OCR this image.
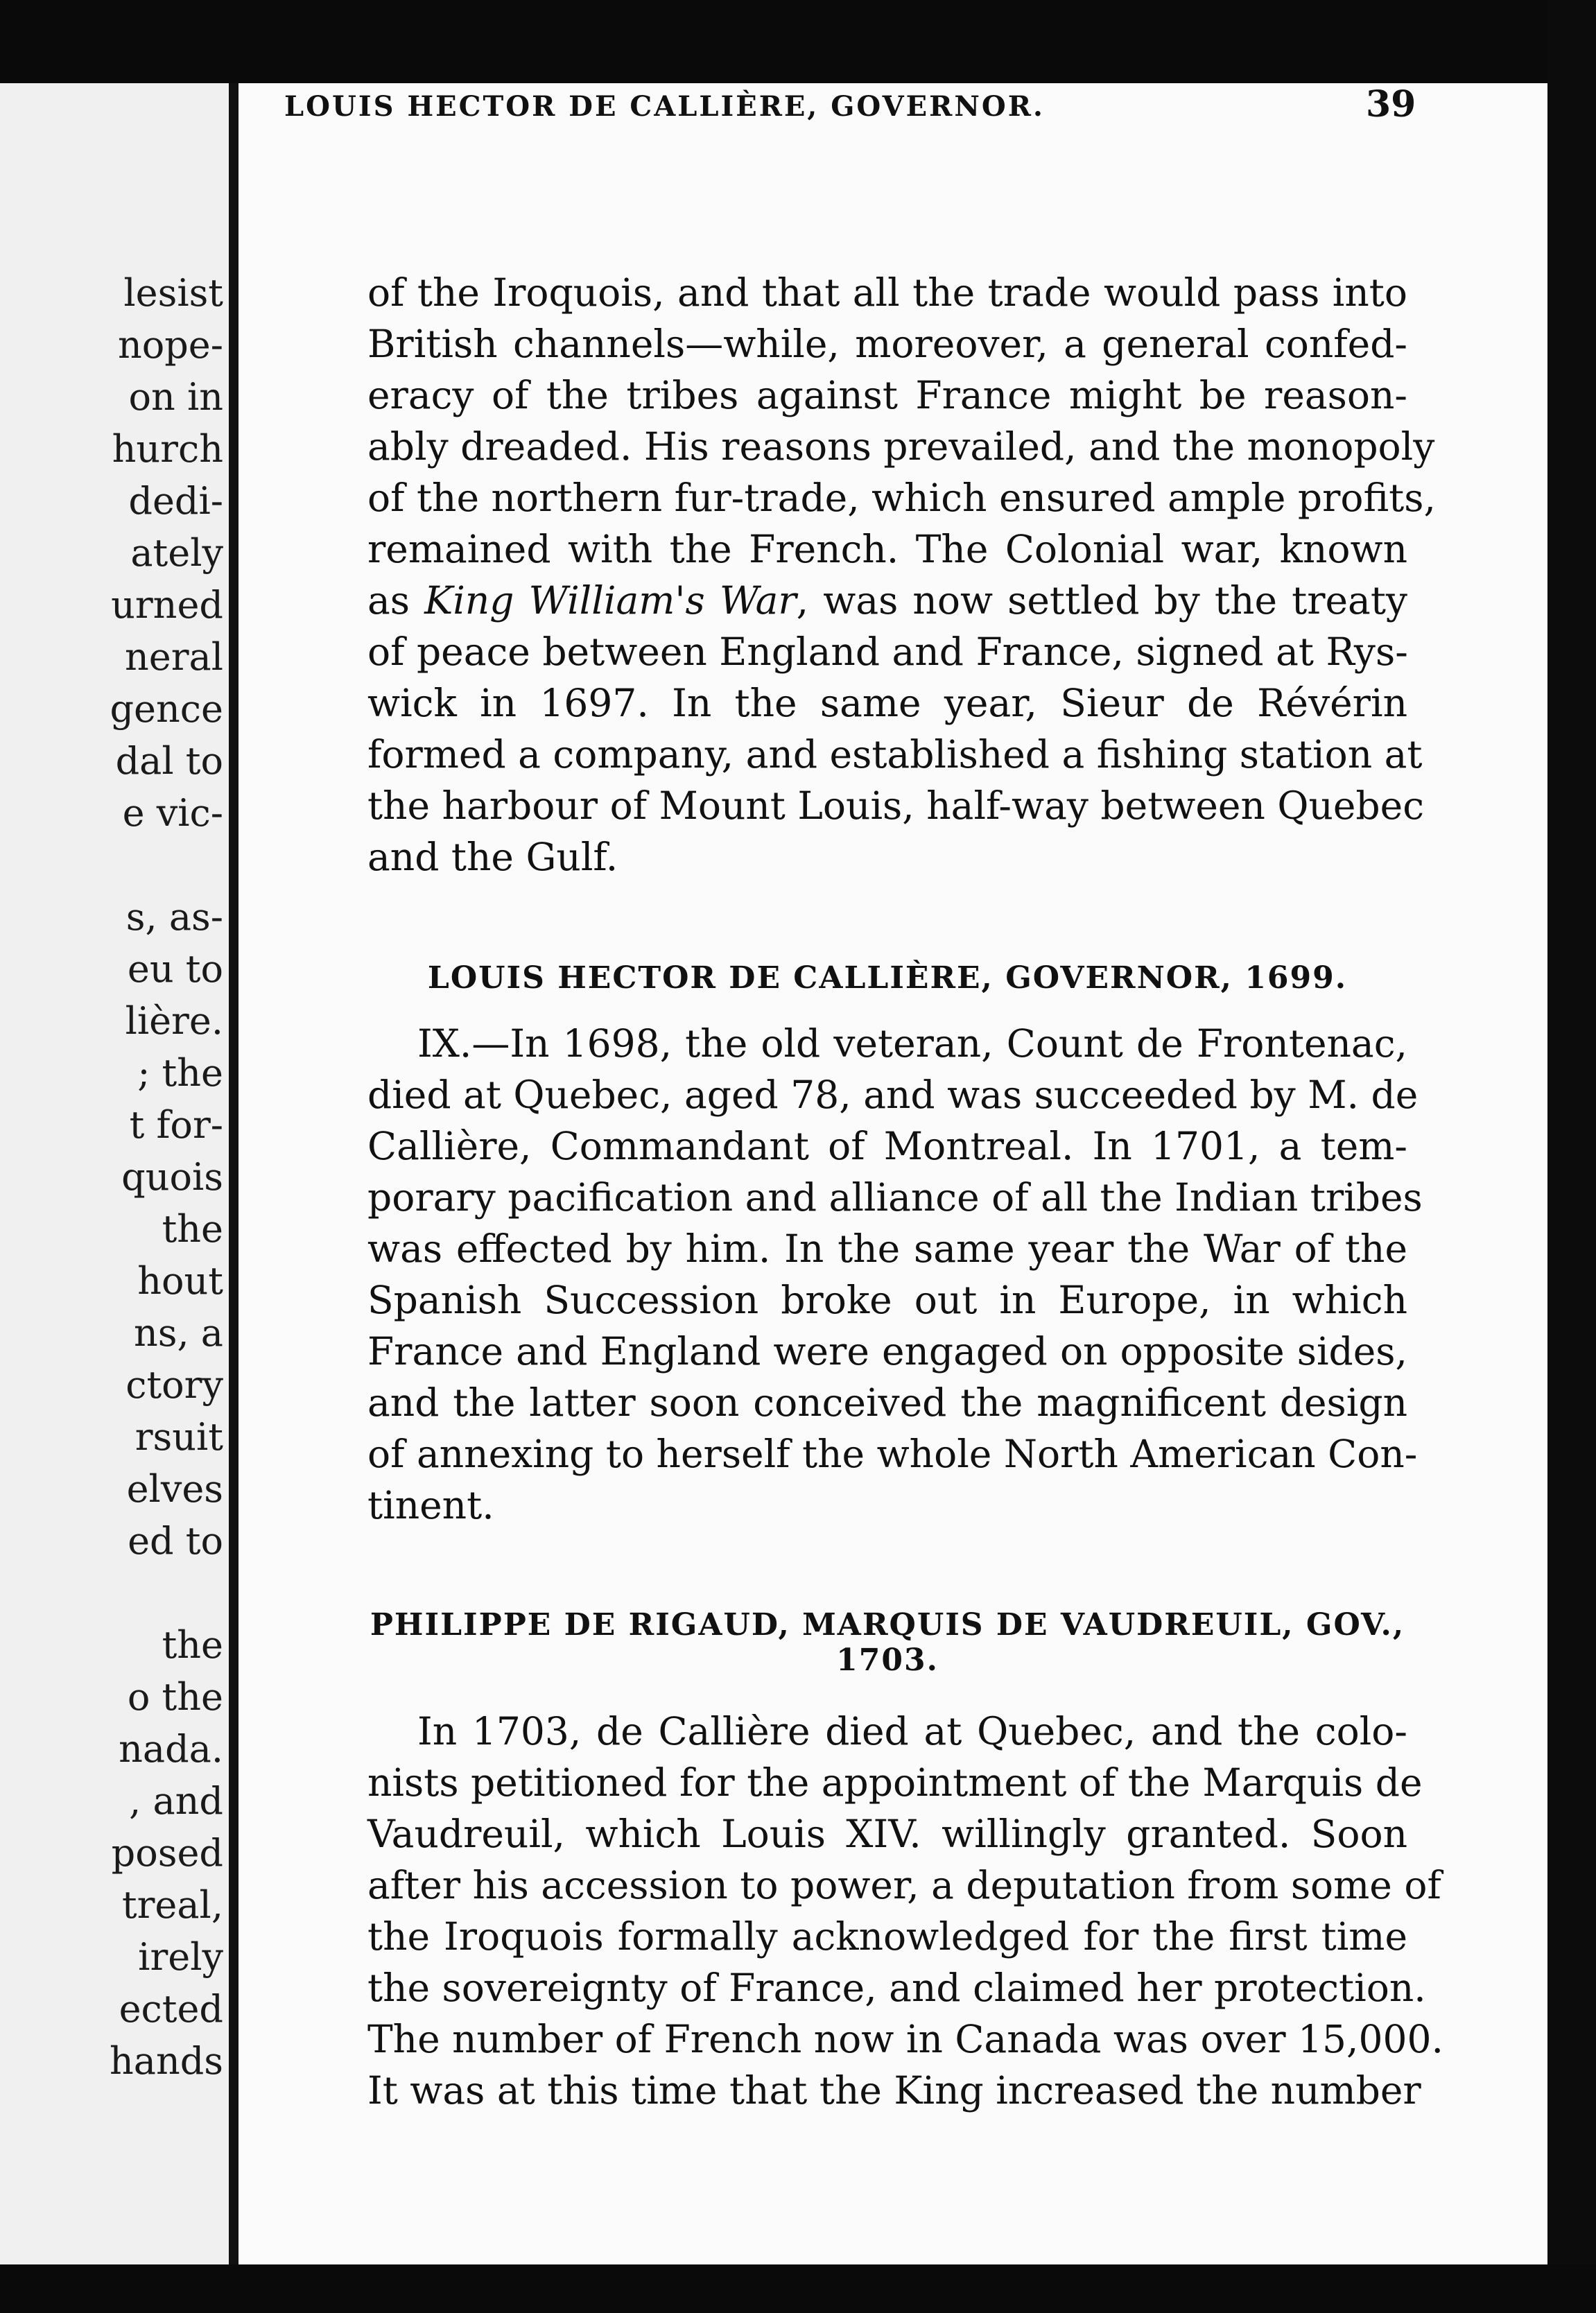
lesist
nope-
on in
hurch
dedi-
ately
urned
neral
gence
dal to
e vic-
s, as-
eu to
lière.
; the
t for-
quois
the
hout
ns, a
ctory
rsuit
elves
ed to
the
o the
nada.
, and
posed
treal,
irely
ected
hands
LOUIS HECTOR DE CALLIÈRE, GOVERNOR.	39

of the Iroquois, and that all the trade would pass into
British channels—while, moreover, a general confed-
eracy of the tribes against France might be reason-
ably dreaded. His reasons prevailed, and the monopoly
of the northern fur-trade, which ensured ample profits,
remained with the French. The Colonial war, known
as King William's War, was now settled by the treaty
of peace between England and France, signed at Rys-
wick in 1697. In the same year, Sieur de Révérin
formed a company, and established a fishing station at
the harbour of Mount Louis, half-way between Quebec
and the Gulf.

LOUIS HECTOR DE CALLIÈRE, GOVERNOR, 1699.

IX.—In 1698, the old veteran, Count de Frontenac,
died at Quebec, aged 78, and was succeeded by M. de
Callière, Commandant of Montreal. In 1701, a tem-
porary pacification and alliance of all the Indian tribes
was effected by him. In the same year the War of the
Spanish Succession broke out in Europe, in which
France and England were engaged on opposite sides,
and the latter soon conceived the magnificent design
of annexing to herself the whole North American Con-
tinent.

PHILIPPE DE RIGAUD, MARQUIS DE VAUDREUIL, GOV., 1703.

In 1703, de Callière died at Quebec, and the colo-
nists petitioned for the appointment of the Marquis de
Vaudreuil, which Louis XIV. willingly granted. Soon
after his accession to power, a deputation from some of
the Iroquois formally acknowledged for the first time
the sovereignty of France, and claimed her protection.
The number of French now in Canada was over 15,000.
It was at this time that the King increased the number
